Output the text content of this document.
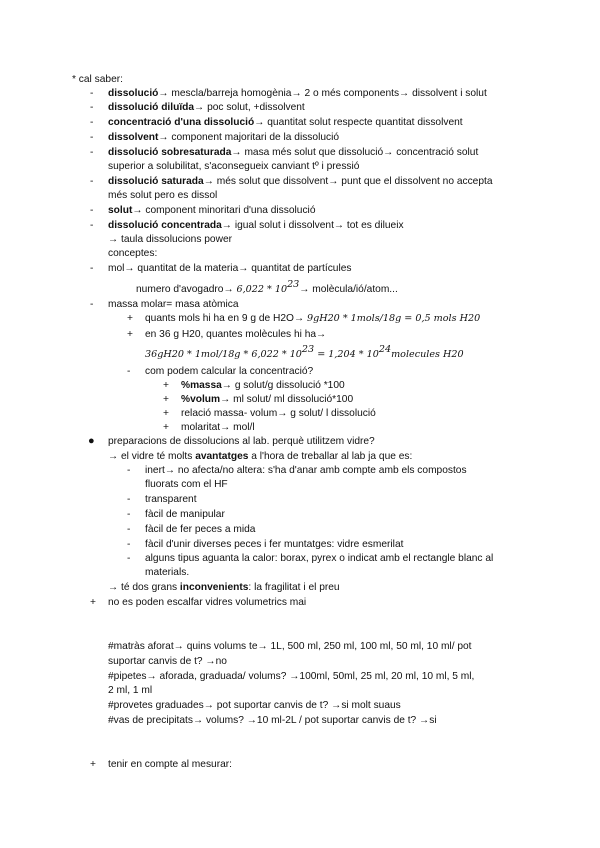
* cal saber:
- dissolució→ mescla/barreja homogènia→ 2 o més components→ dissolvent i solut
- dissolució diluïda→ poc solut, +dissolvent
- concentració d'una dissolució→ quantitat solut respecte quantitat dissolvent
- dissolvent→ component majoritari de la dissolució
- dissolució sobresaturada→ masa més solut que dissolució→ concentració solut
superior a solubilitat, s'aconsegueix canviant tº i pressió
- dissolució saturada→ més solut que dissolvent→ punt que el dissolvent no accepta
més solut pero es dissol
- solut→ component minoritari d'una dissolució
- dissolució concentrada→ igual solut i dissolvent→ tot es dilueix
→ taula dissolucions power
conceptes:
- mol→ quantitat de la materia→ quantitat de partícules
numero d'avogadro→ $6,022 * 10^{23}\to$ molècula/ió/atom...
- massa molar= masa atòmica
+ quants mols hi ha en 9 g de H2O→ 9gH20 * 1mols/18g = 0,5 mols H20
+ en 36 g H20, quantes molècules hi ha→
$36gH20 * 1mol/18g * 6,022 * 10^{23} = 1,204$ * $10^{24}molecules$ H20
- com podem calcular la concentració?
+ %massa→ g solut/g dissolució *100
+ %volum→ ml solut/ ml dissolució*100
+ relació massa- volum→ g solut/ l dissolució
+ molaritat→ mol/l
● preparacions de dissolucions al lab. perquè utilitzem vidre?
→ el vidre té molts avantatges a l'hora de treballar al lab ja que es:
- inert→ no afecta/no altera: s'ha d'anar amb compte amb els compostos
fluorats com el HF
- transparent
- fàcil de manipular
- fàcil de fer peces a mida
- fàcil d'unir diverses peces i fer muntatges: vidre esmerilat
- alguns tipus aguanta la calor: borax, pyrex o indicat amb el rectangle blanc al
materials.
→ té dos grans inconvenients: la fragilitat i el preu
+ no es poden escalfar vidres volumetrics mai
#matràs aforat→ quins volums te→ 1L, 500 ml, 250 ml, 100 ml, 50 ml, 10 ml/ pot
suportar canvis de t? →no
#pipetes→ aforada, graduada/ volums? →100ml, 50ml, 25 ml, 20 ml, 10 ml, 5 ml,
2 ml, 1 ml
#provetes graduades→ pot suportar canvis de t? →si molt suaus
#vas de precipitats→ volums? →10 ml-2L / pot suportar canvis de t? →si
+ tenir en compte al mesurar:
